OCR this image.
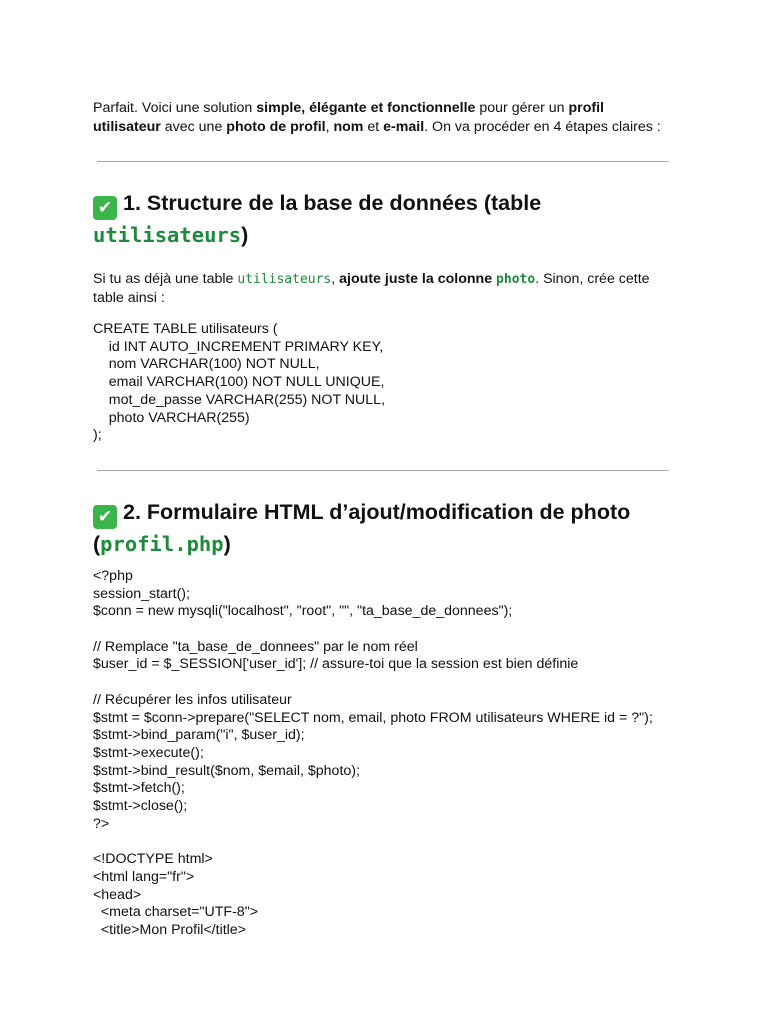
Parfait. Voici une solution simple, élégante et fonctionnelle pour gérer un profil utilisateur avec une photo de profil, nom et e-mail. On va procéder en 4 étapes claires :

✔ 1. Structure de la base de données (table
utilisateurs)

Si tu as déjà une table utilisateurs, ajoute juste la colonne photo. Sinon, crée cette table ainsi :

CREATE TABLE utilisateurs (
id INT AUTO_INCREMENT PRIMARY KEY,
nom VARCHAR(100) NOT NULL,
email VARCHAR(100) NOT NULL UNIQUE,
mot_de_passe VARCHAR(255) NOT NULL,
photo VARCHAR(255)
);
✔ 2. Formulaire HTML d’ajout/modification de photo
(profil.php)
<?php
session_start();
$conn = new mysqli("localhost", "root", "", "ta_base_de_donnees");
// Remplace "ta_base_de_donnees" par le nom réel
$user_id = $_SESSION['user_id']; // assure-toi que la session est bien définie
// Récupérer les infos utilisateur
$stmt = $conn->prepare("SELECT nom, email, photo FROM utilisateurs WHERE id = ?");
$stmt->bind_param("i", $user_id);
$stmt->execute();
$stmt->bind_result($nom, $email, $photo);
$stmt->fetch();
$stmt->close();
?>
<!DOCTYPE html>
<html lang="fr">
<head>
<meta charset="UTF-8">
<title>Mon Profil</title>
